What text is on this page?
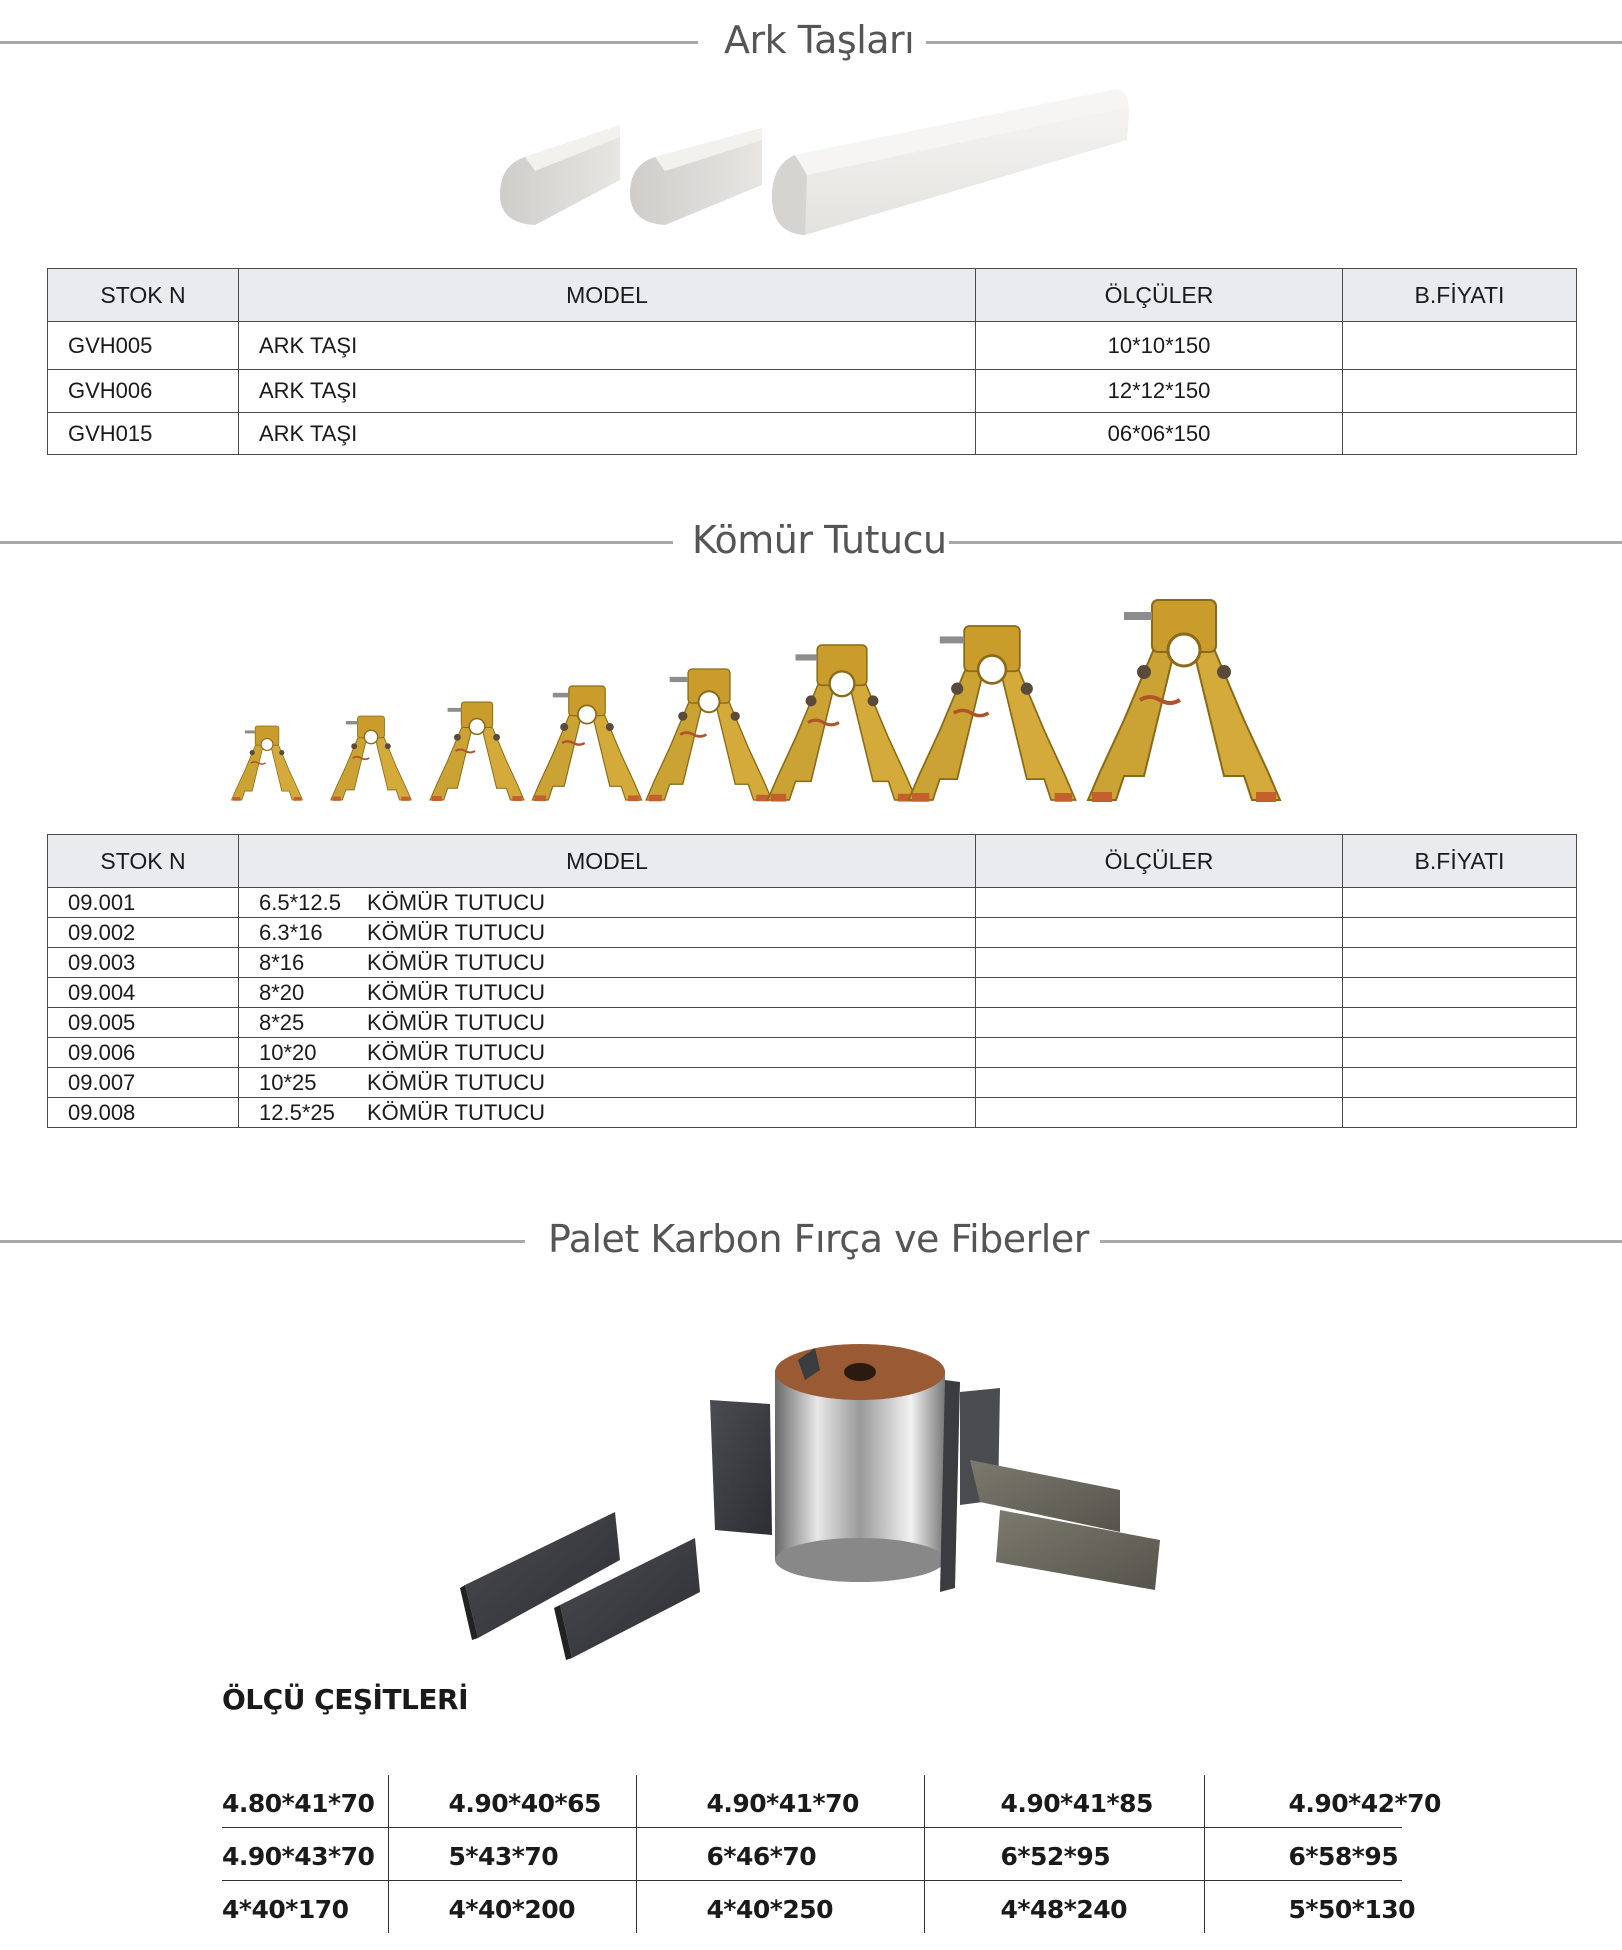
Ark Taşları
STOK N	MODEL	ÖLÇÜLER	B.FİYATI
GVH005	ARK TAŞI	10*10*150	
GVH006	ARK TAŞI	12*12*150	
GVH015	ARK TAŞI	06*06*150	
Kömür Tutucu
STOK N	MODEL	ÖLÇÜLER	B.FİYATI
09.001	6.5*12.5 KÖMÜR TUTUCU		
09.002	6.3*16 KÖMÜR TUTUCU		
09.003	8*16 KÖMÜR TUTUCU		
09.004	8*20 KÖMÜR TUTUCU		
09.005	8*25 KÖMÜR TUTUCU		
09.006	10*20 KÖMÜR TUTUCU		
09.007	10*25 KÖMÜR TUTUCU		
09.008	12.5*25 KÖMÜR TUTUCU		
Palet Karbon Fırça ve Fiberler
ÖLÇÜ ÇEŞİTLERİ
4.80*41*70	4.90*40*65	4.90*41*70	4.90*41*85	4.90*42*70
4.90*43*70	5*43*70	6*46*70	6*52*95	6*58*95
4*40*170	4*40*200	4*40*250	4*48*240	5*50*130
